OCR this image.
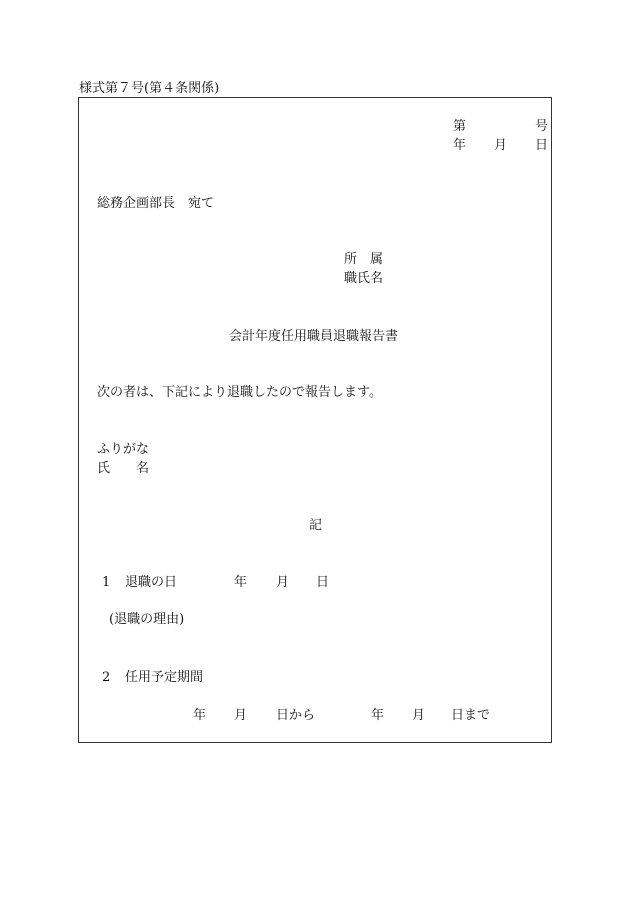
様式第７号(第４条関係)
第	号
年 月 日
総務企画部長　宛て
所　属
職氏名
会計年度任用職員退職報告書
次の者は、下記により退職したので報告します。
ふりがな
氏　　名
記
1 退職の日	年 月 日
(退職の理由)
2 任用予定期間
年 月 日から	年 月 日まで
